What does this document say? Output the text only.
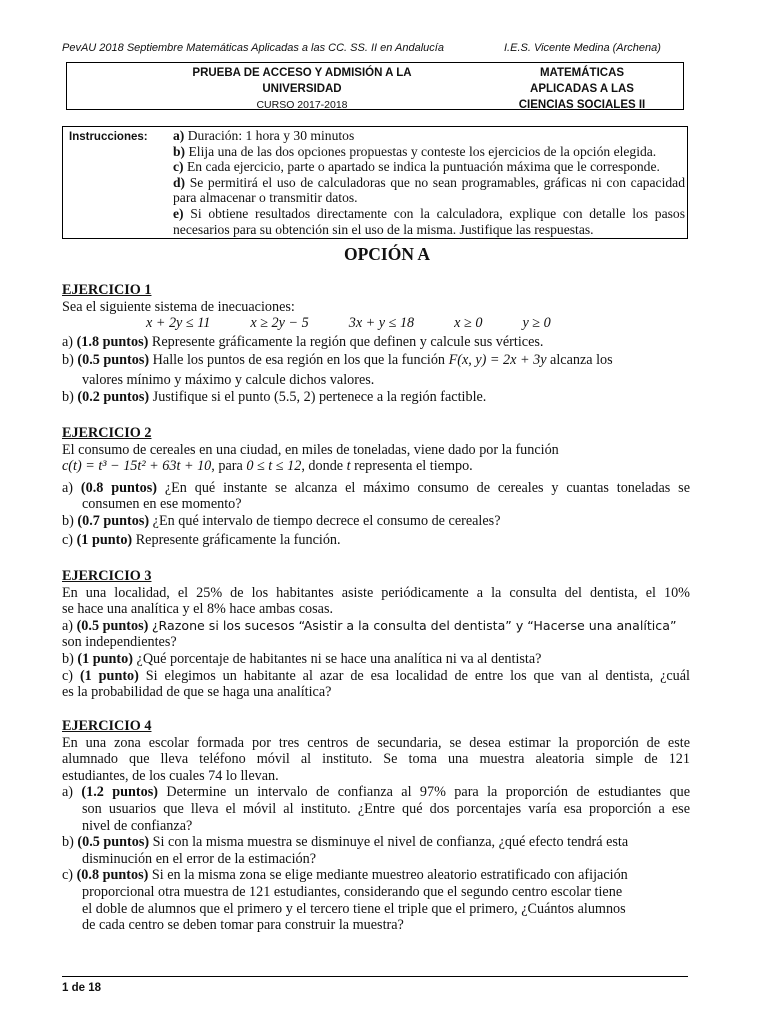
PevAU 2018 Septiembre Matemáticas Aplicadas a las CC. SS. II en Andalucía	I.E.S. Vicente Medina (Archena)
PRUEBA DE ACCESO Y ADMISIÓN A LA
UNIVERSIDAD
CURSO 2017-2018
MATEMÁTICAS
APLICADAS A LAS
CIENCIAS SOCIALES II
Instrucciones: a) Duración: 1 hora y 30 minutos
b) Elija una de las dos opciones propuestas y conteste los ejercicios de la opción elegida.
c) En cada ejercicio, parte o apartado se indica la puntuación máxima que le corresponde.
d) Se permitirá el uso de calculadoras que no sean programables, gráficas ni con capacidad
para almacenar o transmitir datos.
e) Si obtiene resultados directamente con la calculadora, explique con detalle los pasos
necesarios para su obtención sin el uso de la misma. Justifique las respuestas.
OPCIÓN A

EJERCICIO 1

Sea el siguiente sistema de inecuaciones:

x + 2y ≤ 11	x ≥ 2y − 5	3x + y ≤ 18	x ≥ 0	y ≥ 0

a) (1.8 puntos) Represente gráficamente la región que definen y calcule sus vértices.

b) (0.5 puntos) Halle los puntos de esa región en los que la función F(x, y) = 2x + 3y alcanza los

valores mínimo y máximo y calcule dichos valores.

b) (0.2 puntos) Justifique si el punto (5.5, 2) pertenece a la región factible.

EJERCICIO 2

El consumo de cereales en una ciudad, en miles de toneladas, viene dado por la función

c(t) = t³ − 15t² + 63t + 10, para 0 ≤ t ≤ 12, donde t representa el tiempo.

a) (0.8 puntos) ¿En qué instante se alcanza el máximo consumo de cereales y cuantas toneladas se

consumen en ese momento?

b) (0.7 puntos) ¿En qué intervalo de tiempo decrece el consumo de cereales?

c) (1 punto) Represente gráficamente la función.

EJERCICIO 3

En una localidad, el 25% de los habitantes asiste periódicamente a la consulta del dentista, el 10%

se hace una analítica y el 8% hace ambas cosas.

a) (0.5 puntos) ¿Razone si los sucesos “Asistir a la consulta del dentista” y “Hacerse una analítica”

son independientes?

b) (1 punto) ¿Qué porcentaje de habitantes ni se hace una analítica ni va al dentista?

c) (1 punto) Si elegimos un habitante al azar de esa localidad de entre los que van al dentista, ¿cuál

es la probabilidad de que se haga una analítica?

EJERCICIO 4

En una zona escolar formada por tres centros de secundaria, se desea estimar la proporción de este

alumnado que lleva teléfono móvil al instituto. Se toma una muestra aleatoria simple de 121

estudiantes, de los cuales 74 lo llevan.

a) (1.2 puntos) Determine un intervalo de confianza al 97% para la proporción de estudiantes que

son usuarios que lleva el móvil al instituto. ¿Entre qué dos porcentajes varía esa proporción a ese

nivel de confianza?

b) (0.5 puntos) Si con la misma muestra se disminuye el nivel de confianza, ¿qué efecto tendrá esta

disminución en el error de la estimación?

c) (0.8 puntos) Si en la misma zona se elige mediante muestreo aleatorio estratificado con afijación

proporcional otra muestra de 121 estudiantes, considerando que el segundo centro escolar tiene

el doble de alumnos que el primero y el tercero tiene el triple que el primero, ¿Cuántos alumnos

de cada centro se deben tomar para construir la muestra?

1 de 18
